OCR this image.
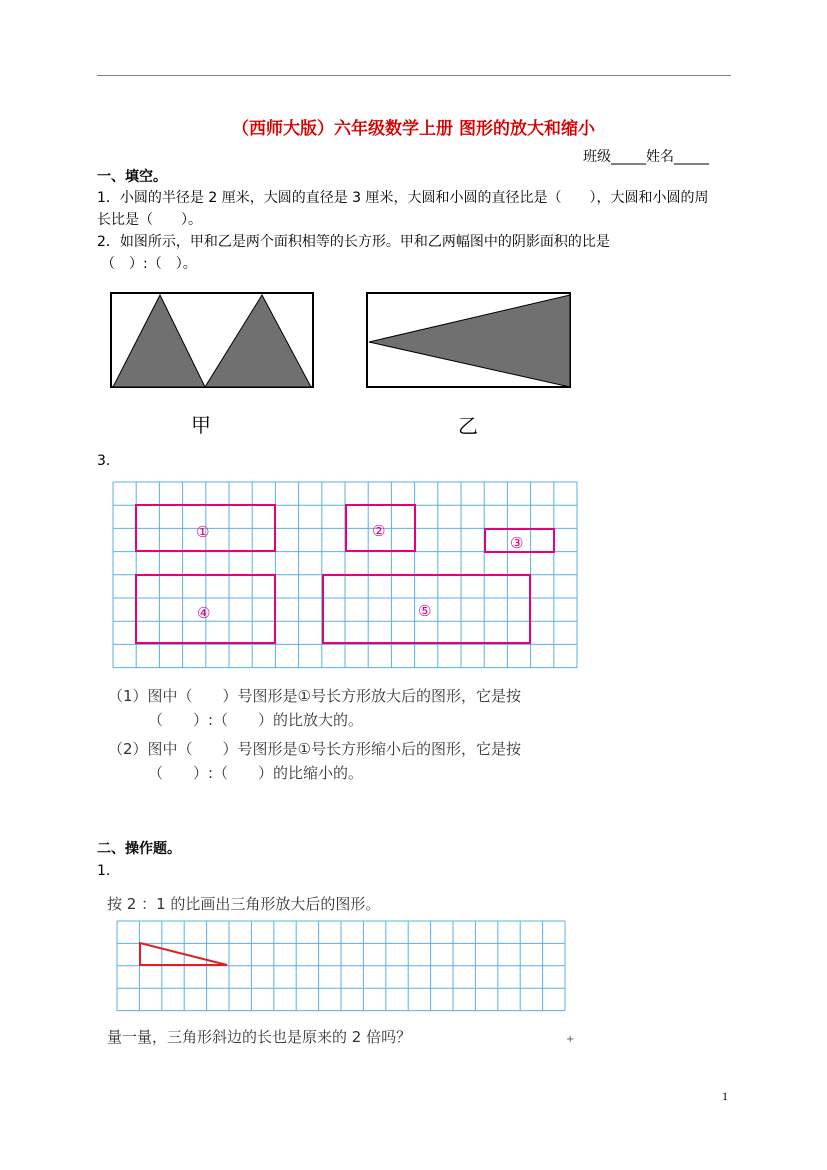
（西师大版）六年级数学上册 图形的放大和缩小
班级_____姓名_____
一、填空。
1．小圆的半径是 2 厘米，大圆的直径是 3 厘米，大圆和小圆的直径比是（　　），大圆和小圆的周
长比是（　　）。
2．如图所示，甲和乙是两个面积相等的长方形。甲和乙两幅图中的阴影面积的比是
（　）:（　）。
甲	乙
3.
①	②
③
④	⑤
（1）图中（　　）号图形是①号长方形放大后的图形，它是按
（　　）:（　　）的比放大的。
（2）图中（　　）号图形是①号长方形缩小后的图形，它是按
（　　）:（　　）的比缩小的。
二、操作题。
1.
按 2 ：1 的比画出三角形放大后的图形。
量一量，三角形斜边的长也是原来的 2 倍吗？	+
1
